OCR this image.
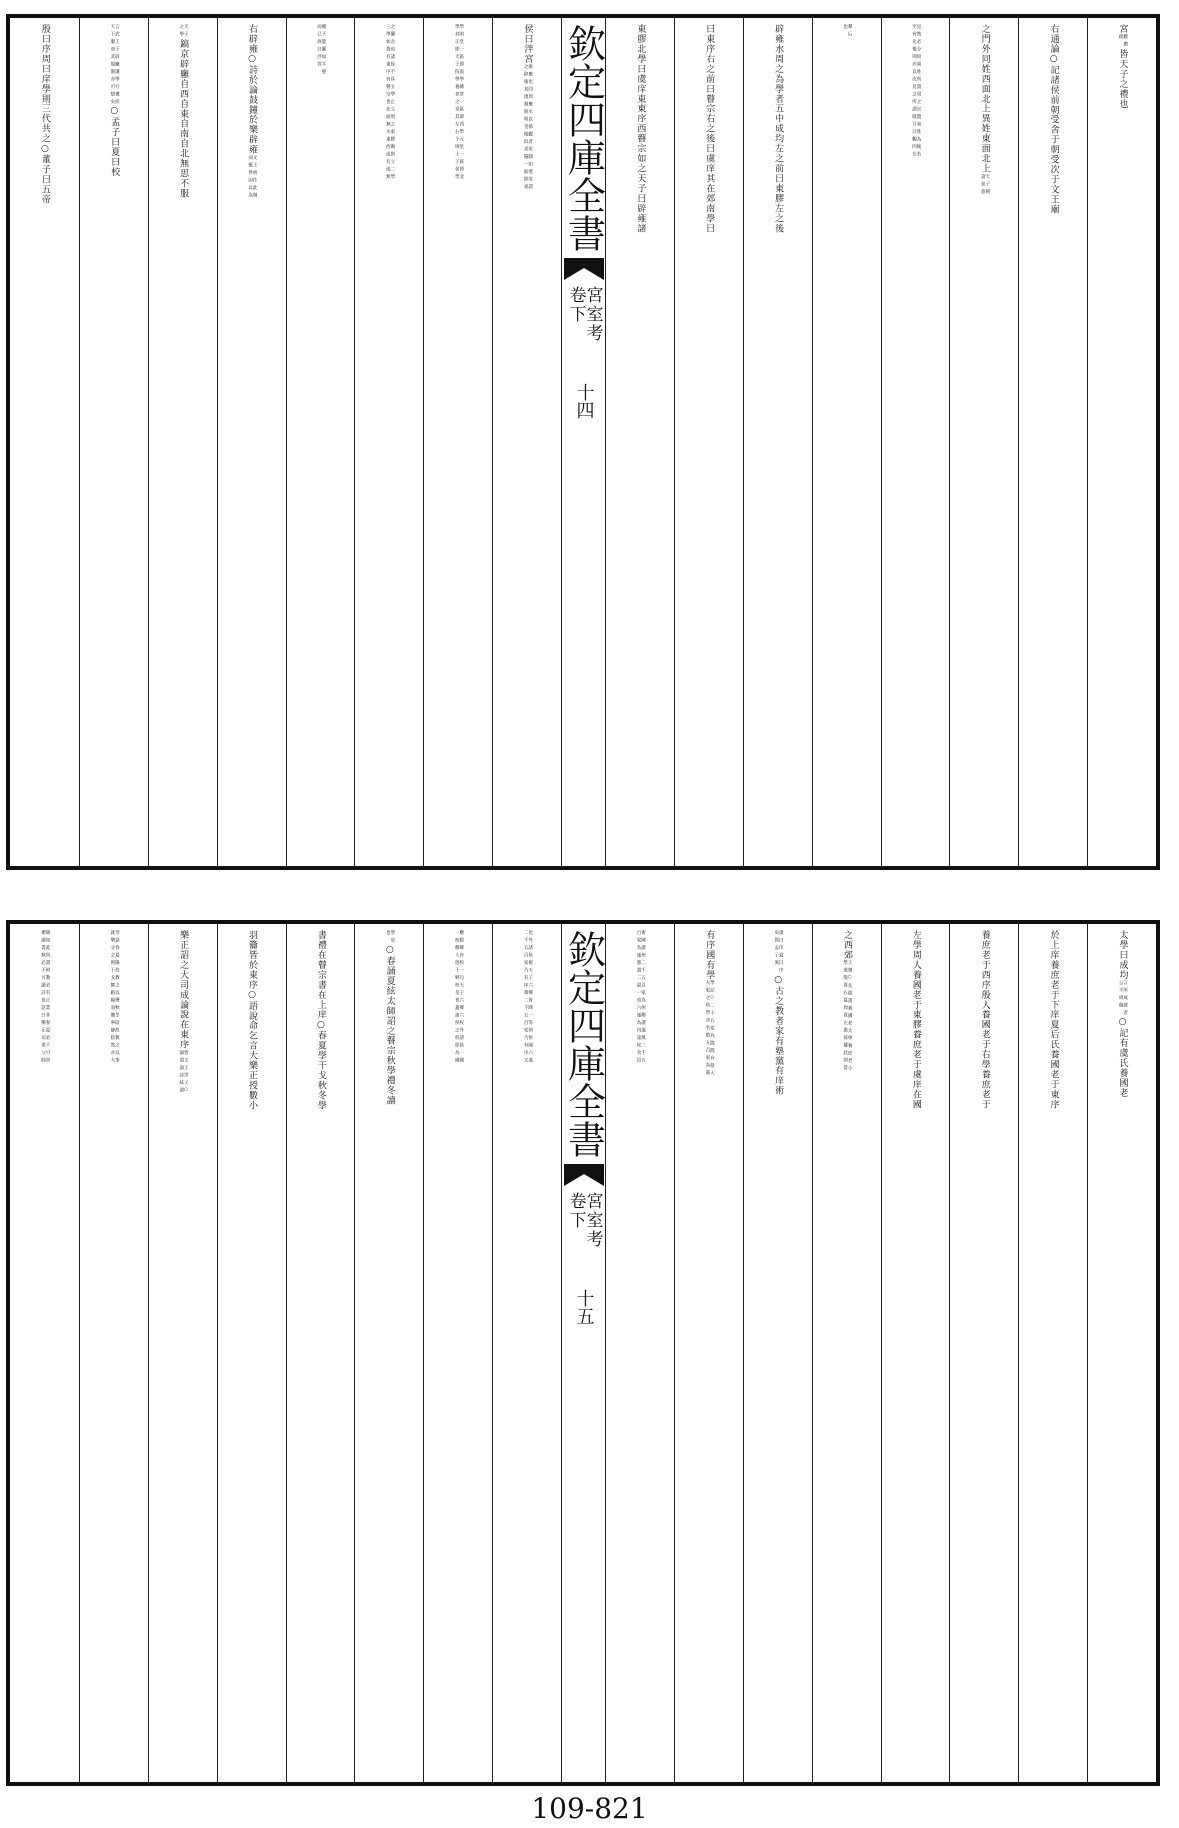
宮
觀禮
疏
皆天子之禮也
右通論○記諸侯前朝受舍于朝受次于文王廟
之門外同姓西面北上異姓東面北上
天子朝
諸侯旅
見然必分同異姓所謂周之宗盟異姓為後若
至有先後則亦以次見之所謂既月曰覲四岳
羣后
也
辟雍水周之為學者五中成均左之前曰東膠左之後
曰東序右之前曰瞽宗右之後曰虞庠其在郊南學曰
東膠北學曰虞庠東東序西瞽宗如之天子曰辟雍諸
欽定四庫全書
宮室考
卷下
十四
侯曰泮宮
雍壅也四周壅水以節觀者形圓如璧故謂
之辟雍其規制與明堂相似青陽一區即東
學明堂一區即南學總章一區即西學元堂一區即北
學其正即天子捖學養老之堂其左右个則士子習學
之黌舍也諸侯不具五學止立周之東膠賜則立二學
三學如魯有東序有瞽宗也北面無水東西或有或無
總不能圓如半璧
而已故曰泮宮
右辟雍○詩於論鼓鐘於樂辟雍
文王初作此制
而後世因以為
天子
之學
鎬京辟廱自西自東自南自北無思不服
言武王于辟廱講學行禮而
天下服而其規制亦可想矣
○孟子曰夏曰校
殷曰序周曰庠學則三代共之○董子曰五帝
太學曰成均
言所成就者
公平周徧
○記有虞氏養國老
於上庠養庶老于下庠夏后氏養國老于東序
養庶老于西序殷人養國老于右學養庶老于
左學周人養國老于東膠養庶老于虞庠在國
之西郊
王制○先儒謂養國老太學養庶老小
學虞殷貴右夏周貴左愚按據此則當
虞曰庠夏曰序
矣與孟子異
○古之教者家有塾黨有庠術
有序國有學
學記○二十五家為閭閭有塾大
夫家之幼學亦名塾五百家為黨
術陳讀州二千五百家為州鄭讀遂萬二千五
百家為遂愚謂二說一也六遂為內諸侯食邑
欽定四庫全書
宮室考
卷下
十五
比外諸侯視天子六鄉皆降一等則侯國六遂
二千五百家乃有庠萬二千五百家乃有序又
應脫鄉有校一句天子六鄉六校外諸侯一國
一校鄭人遊于鄉校是也蓋諸侯之校即為國
學是
也
○春誦夏絃太師詔之瞽宗秋學禮冬讀
書禮在瞽宗書在上庠○春夏學干戈秋冬學
羽籥皆於東序○語說命乞言大樂正授數小
樂正詔之大司成論說在東序
皆文王世子○
誦謂誦詩絃謂
琴瑟春夏陽故教之以聲秋冬陰故教之以事
就樂分之則干戈舞蹈陽羽籥寧靜陰然亦大
槩如此所謂時教必有正業非春夏必不可習
禮讀書秋必不可讀詩也語曰樂正司業父師
109-821
